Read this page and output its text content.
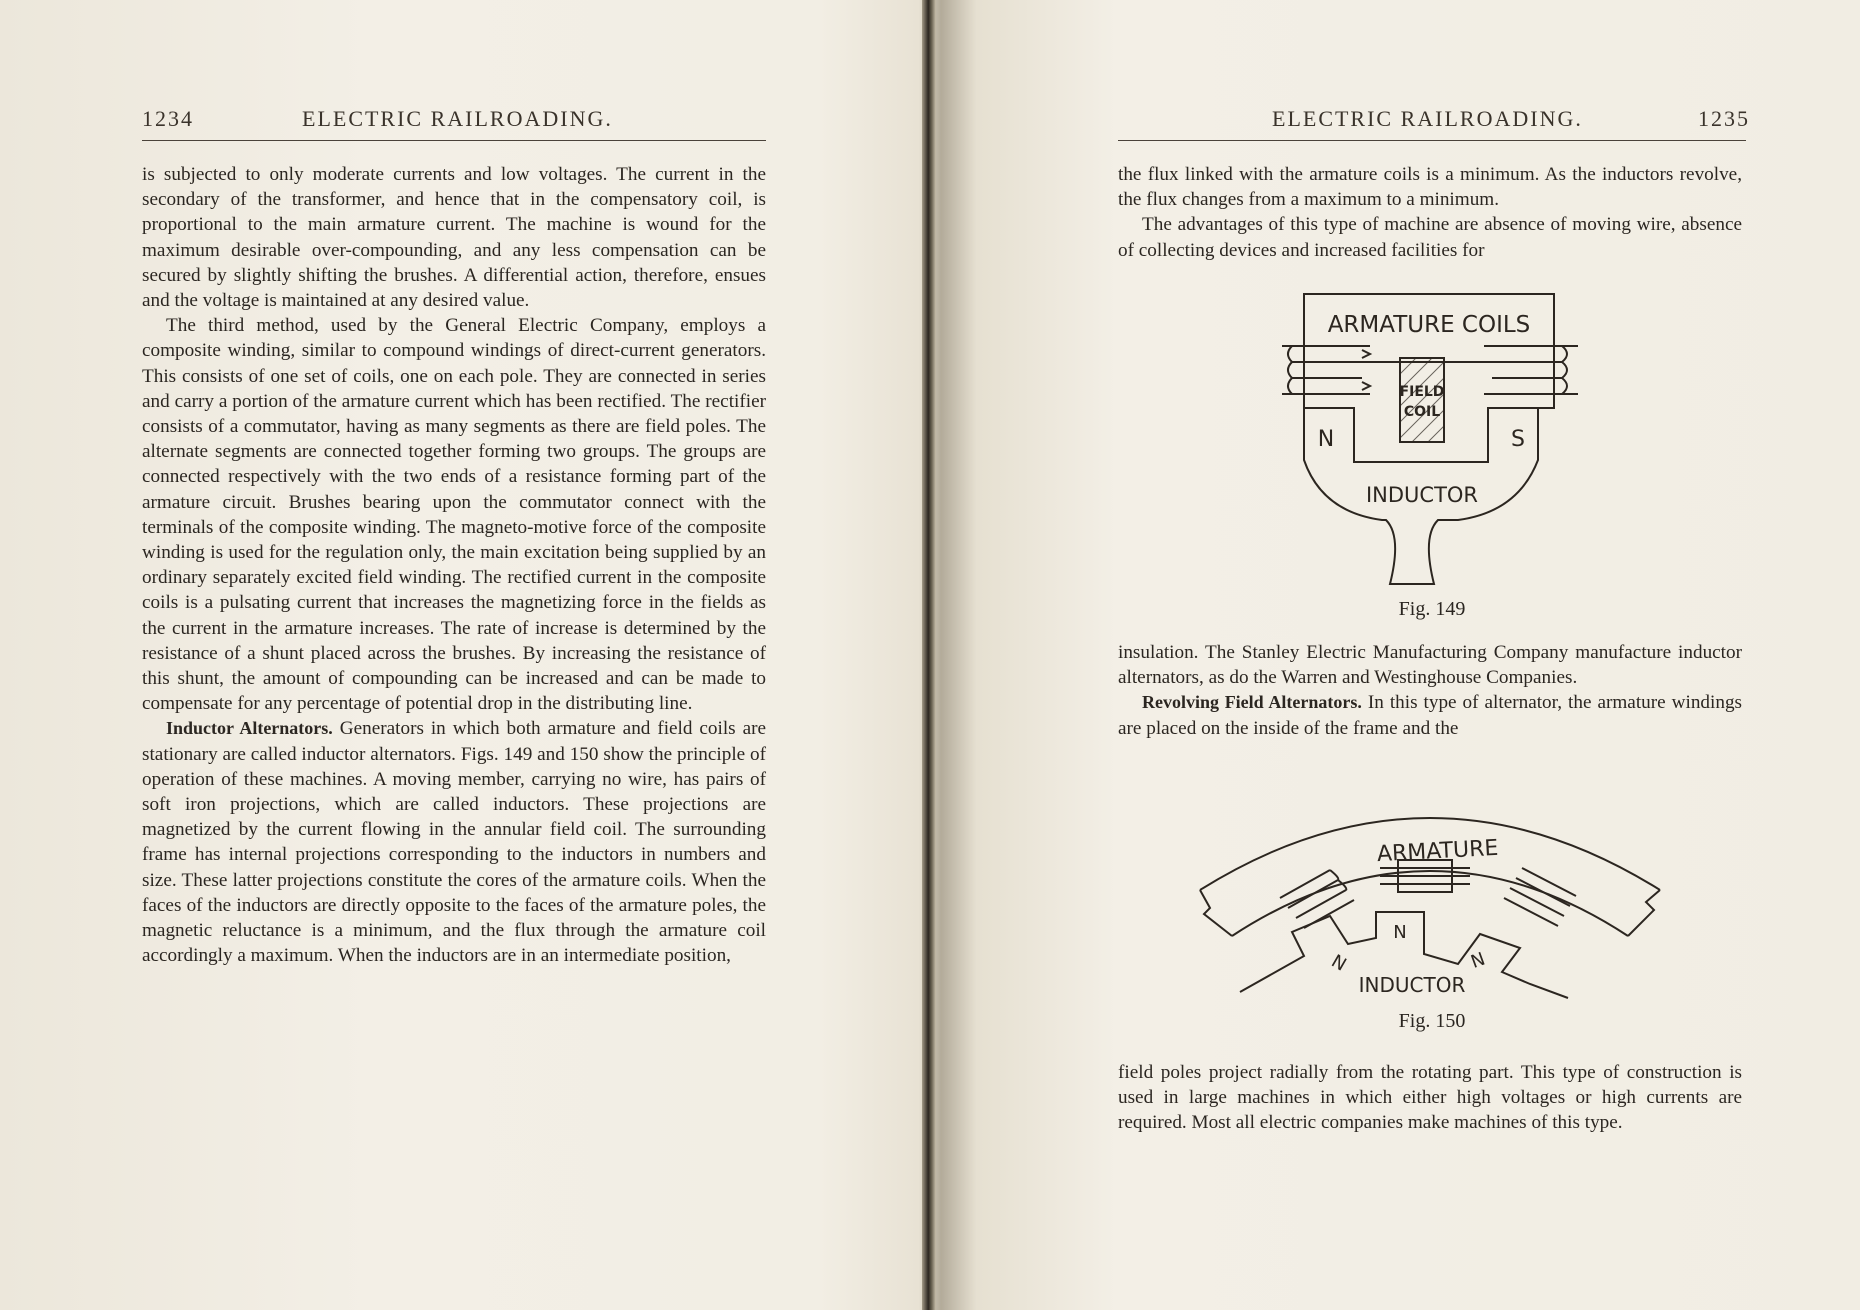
1234	ELECTRIC RAILROADING.

is subjected to only moderate currents and low voltages. The current in the secondary of the transformer, and hence that in the compensatory coil, is proportional to the main armature current. The machine is wound for the maximum desirable over-compounding, and any less compensation can be secured by slightly shifting the brushes. A differential action, therefore, ensues and the voltage is maintained at any desired value.

The third method, used by the General Electric Company, employs a composite winding, similar to compound windings of direct-current generators. This consists of one set of coils, one on each pole. They are connected in series and carry a portion of the armature current which has been rectified. The rectifier consists of a commutator, having as many segments as there are field poles. The alternate segments are connected together forming two groups. The groups are connected respectively with the two ends of a resistance forming part of the armature circuit. Brushes bearing upon the commutator connect with the terminals of the composite winding. The magneto-motive force of the composite winding is used for the regulation only, the main excitation being supplied by an ordinary separately excited field winding. The rectified current in the composite coils is a pulsating current that increases the magnetizing force in the fields as the current in the armature increases. The rate of increase is determined by the resistance of a shunt placed across the brushes. By increasing the resistance of this shunt, the amount of compounding can be increased and can be made to compensate for any percentage of potential drop in the distributing line.

Inductor Alternators. Generators in which both armature and field coils are stationary are called inductor alternators. Figs. 149 and 150 show the principle of operation of these machines. A moving member, carrying no wire, has pairs of soft iron projections, which are called inductors. These projections are magnetized by the current flowing in the annular field coil. The surrounding frame has internal projections corresponding to the inductors in numbers and size. These latter projections constitute the cores of the armature coils. When the faces of the inductors are directly opposite to the faces of the armature poles, the magnetic reluctance is a minimum, and the flux through the armature coil accordingly a maximum. When the inductors are in an intermediate position,

ELECTRIC RAILROADING.	1235

the flux linked with the armature coils is a minimum. As the inductors revolve, the flux changes from a maximum to a minimum.

The advantages of this type of machine are absence of moving wire, absence of collecting devices and increased facilities for

ARMATURE COILS
FIELD
COIL
N	S
INDUCTOR
Fig. 149

insulation. The Stanley Electric Manufacturing Company manufacture inductor alternators, as do the Warren and Westinghouse Companies.

Revolving Field Alternators. In this type of alternator, the armature windings are placed on the inside of the frame and the

ARMATURE
N
N
N
INDUCTOR
Fig. 150

field poles project radially from the rotating part. This type of construction is used in large machines in which either high voltages or high currents are required. Most all electric companies make machines of this type.
